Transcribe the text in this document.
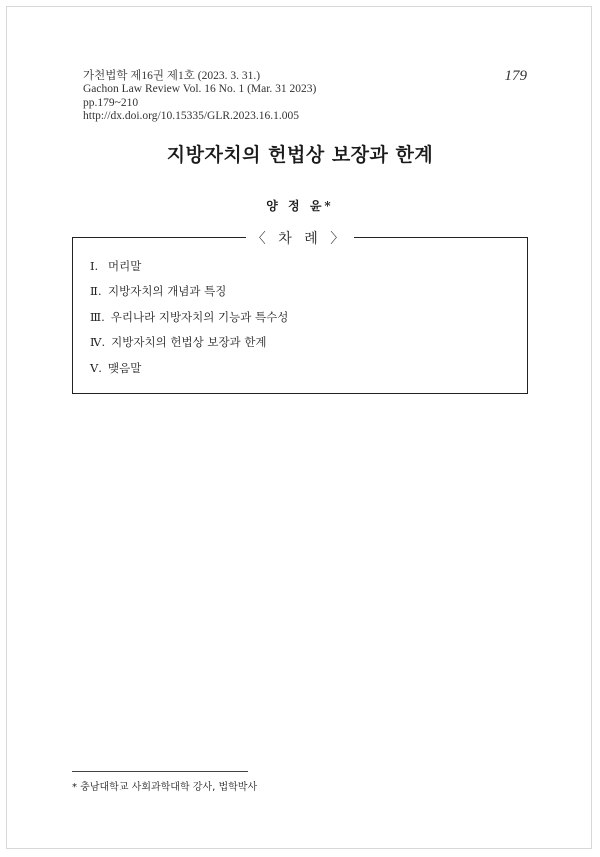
가천법학 제16권 제1호 (2023. 3. 31.)
Gachon Law Review Vol. 16 No. 1 (Mar. 31 2023)
pp.179~210
http://dx.doi.org/10.15335/GLR.2023.16.1.005
179
지방자치의 헌법상 보장과 한계
양 정 윤*
〈 차 례 〉
Ⅰ. 머리말
Ⅱ. 지방자치의 개념과 특징
Ⅲ. 우리나라 지방자치의 기능과 특수성
Ⅳ. 지방자치의 헌법상 보장과 한계
Ⅴ. 맺음말
* 충남대학교 사회과학대학 강사, 법학박사
